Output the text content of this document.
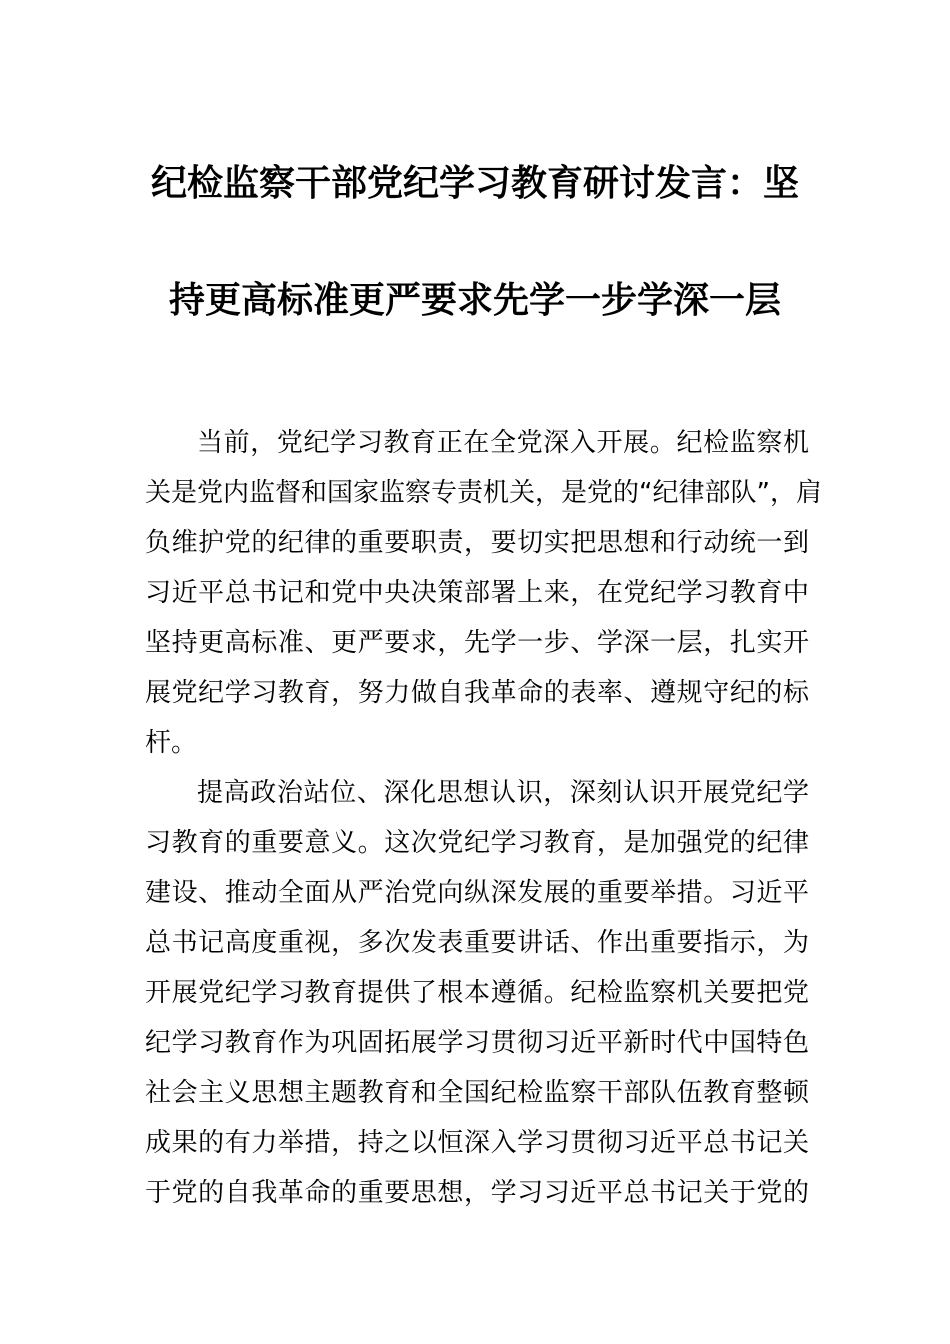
纪检监察干部党纪学习教育研讨发言：坚
持更高标准更严要求先学一步学深一层
当前，党纪学习教育正在全党深入开展。纪检监察机
关是党内监督和国家监察专责机关，是党的“纪律部队”，肩
负维护党的纪律的重要职责，要切实把思想和行动统一到
习近平总书记和党中央决策部署上来，在党纪学习教育中
坚持更高标准、更严要求，先学一步、学深一层，扎实开
展党纪学习教育，努力做自我革命的表率、遵规守纪的标
杆。
提高政治站位、深化思想认识，深刻认识开展党纪学
习教育的重要意义。这次党纪学习教育，是加强党的纪律
建设、推动全面从严治党向纵深发展的重要举措。习近平
总书记高度重视，多次发表重要讲话、作出重要指示，为
开展党纪学习教育提供了根本遵循。纪检监察机关要把党
纪学习教育作为巩固拓展学习贯彻习近平新时代中国特色
社会主义思想主题教育和全国纪检监察干部队伍教育整顿
成果的有力举措，持之以恒深入学习贯彻习近平总书记关
于党的自我革命的重要思想，学习习近平总书记关于党的
